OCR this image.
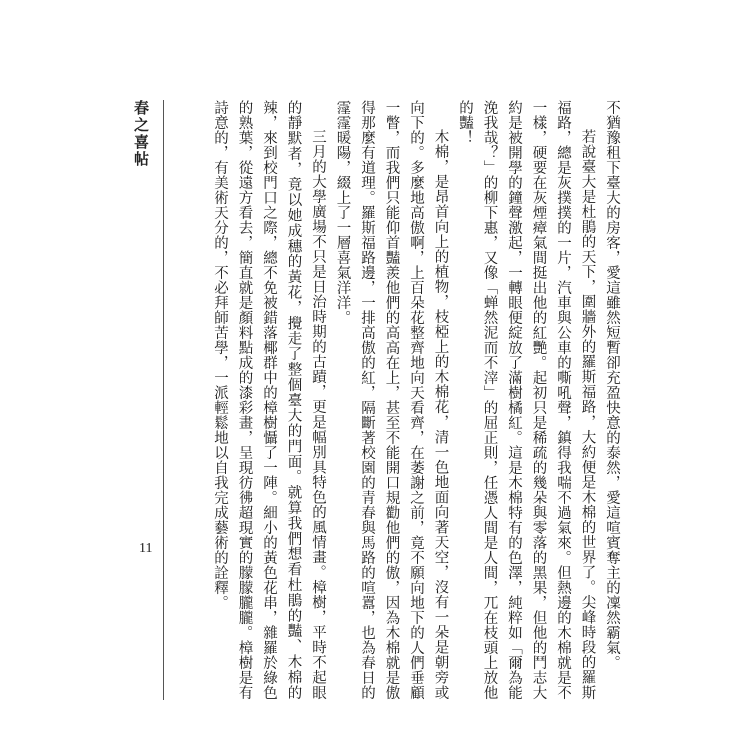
春之喜帖
11	不猶豫租下臺大的房客，愛這雖然短暫卻充盈快意的泰然，愛這喧賓奪主的凜然霸氣。

若說臺大是杜鵑的天下，圍牆外的羅斯福路，大約便是木棉的世界了。尖峰時段的羅斯福路，總是灰撲撲的一片，汽車與公車的嘶吼聲，鎮得我喘不過氣來。但熱邊的木棉就是不一樣，硬要在灰煙瘴氣間挺出他的紅艷。起初只是稀疏的幾朵與零落的黑果，但他的鬥志大約是被開學的鐘聲激起，一轉眼便綻放了滿樹橘紅。這是木棉特有的色澤，純粹如「爾為能浼我哉？」的柳下惠，又像「蝉然泥而不滓」的屈正則，任憑人間是人間，兀在枝頭上放他的豔！

木棉，是昂首向上的植物，枝椏上的木棉花，清一色地面向著天空，沒有一朵是朝旁或向下的。多麼地高傲啊，上百朵花整齊地向天看齊，在萎謝之前，竟不願向地下的人們垂顧一瞥，而我們只能仰首豔羨他們的高高在上，甚至不能開口規勸他們的傲，因為木棉就是傲得那麼有道理。羅斯福路邊，一排高傲的紅，隔斷著校園的青春與馬路的喧囂，也為春日的霪霪暖陽，綴上了一層喜氣洋洋。

三月的大學廣場不只是日治時期的古蹟，更是幅別具特色的風情畫。樟樹，平時不起眼的靜默者，竟以她成穗的黃花，攪走了整個臺大的門面。就算我們想看杜鵑的豔、木棉的辣，來到校門口之際，總不免被錯落椰群中的樟樹懾了一陣。細小的黃色花串，雜羅於綠色的熟葉，從遠方看去，簡直就是顏料點成的漆彩畫，呈現彷彿超現實的朦朦朧朧。樟樹是有詩意的，有美術天分的，不必拜師苦學，一派輕鬆地以自我完成藝術的詮釋。
